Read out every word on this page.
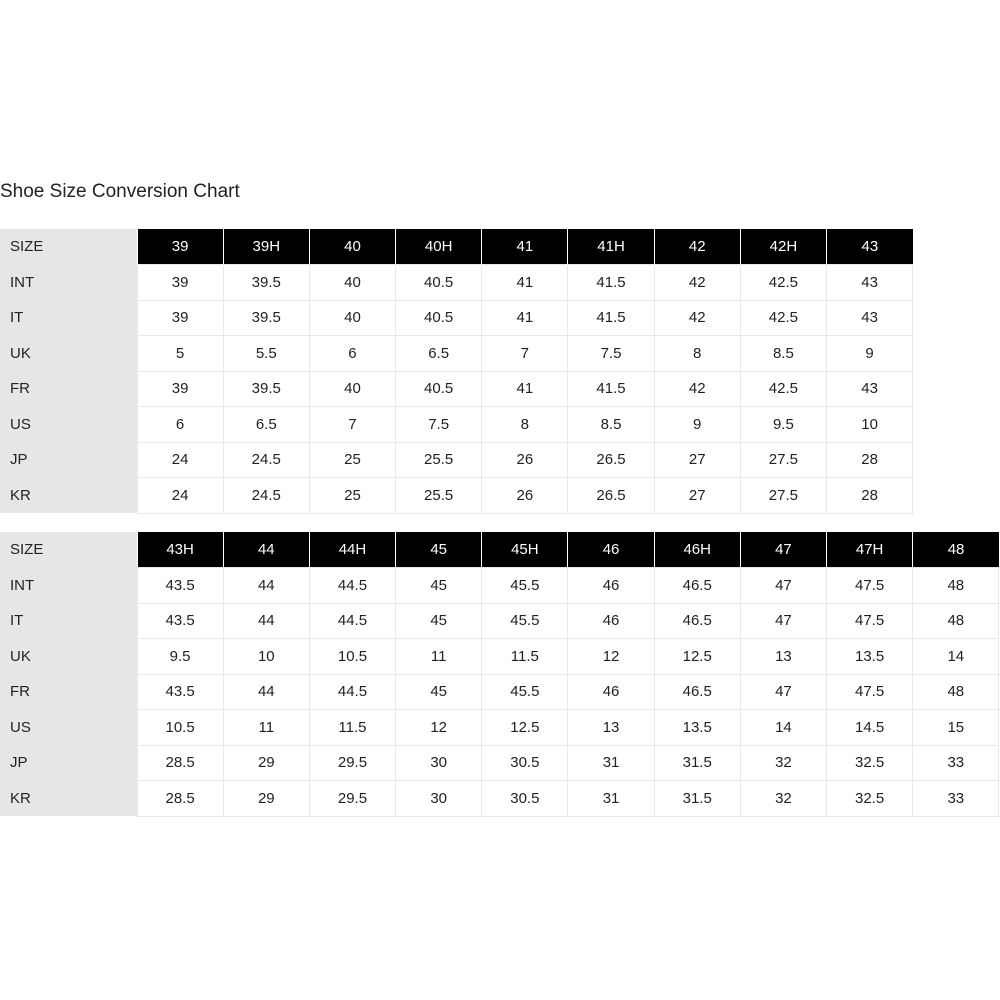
Shoe Size Conversion Chart
SIZE	39	39H	40	40H	41	41H	42	42H	43
INT	39	39.5	40	40.5	41	41.5	42	42.5	43
IT	39	39.5	40	40.5	41	41.5	42	42.5	43
UK	5	5.5	6	6.5	7	7.5	8	8.5	9
FR	39	39.5	40	40.5	41	41.5	42	42.5	43
US	6	6.5	7	7.5	8	8.5	9	9.5	10
JP	24	24.5	25	25.5	26	26.5	27	27.5	28
KR	24	24.5	25	25.5	26	26.5	27	27.5	28
SIZE	43H	44	44H	45	45H	46	46H	47	47H	48
INT	43.5	44	44.5	45	45.5	46	46.5	47	47.5	48
IT	43.5	44	44.5	45	45.5	46	46.5	47	47.5	48
UK	9.5	10	10.5	11	11.5	12	12.5	13	13.5	14
FR	43.5	44	44.5	45	45.5	46	46.5	47	47.5	48
US	10.5	11	11.5	12	12.5	13	13.5	14	14.5	15
JP	28.5	29	29.5	30	30.5	31	31.5	32	32.5	33
KR	28.5	29	29.5	30	30.5	31	31.5	32	32.5	33
